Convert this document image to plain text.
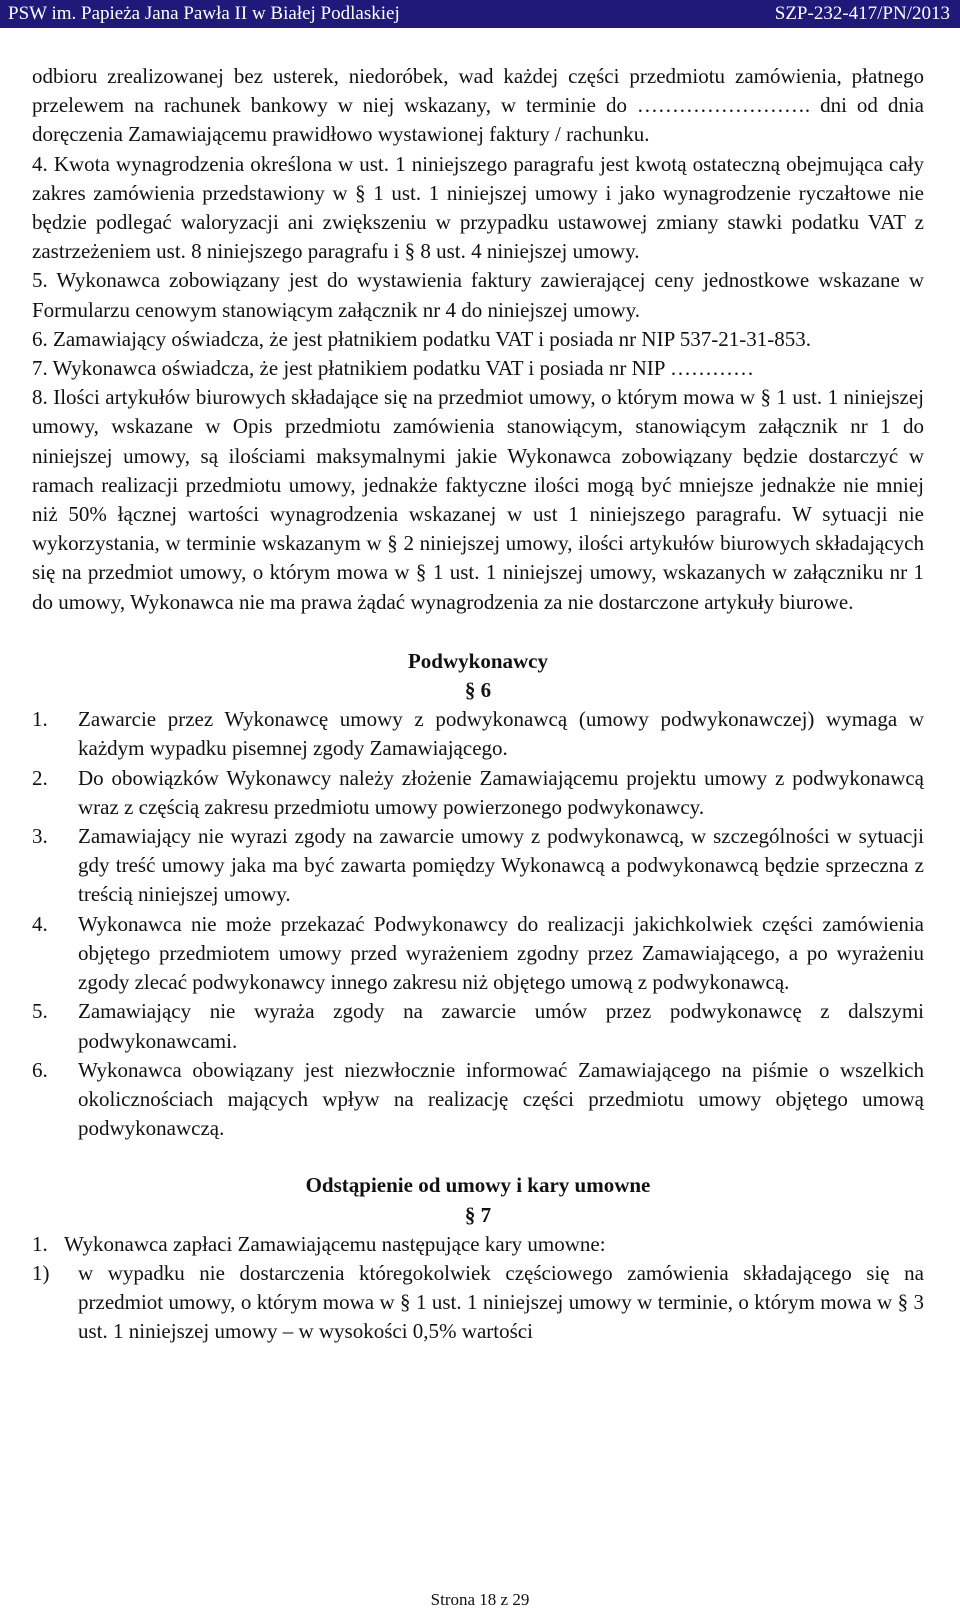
PSW im. Papieża Jana Pawła II w Białej Podlaskiej	SZP-232-417/PN/2013

odbioru zrealizowanej bez usterek, niedoróbek, wad każdej części przedmiotu zamówienia, płatnego przelewem na rachunek bankowy w niej wskazany, w terminie do ……………………. dni od dnia doręczenia Zamawiającemu prawidłowo wystawionej faktury / rachunku.

4. Kwota wynagrodzenia określona w ust. 1 niniejszego paragrafu jest kwotą ostateczną obejmująca cały zakres zamówienia przedstawiony w § 1 ust. 1 niniejszej umowy i jako wynagrodzenie ryczałtowe nie będzie podlegać waloryzacji ani zwiększeniu w przypadku ustawowej zmiany stawki podatku VAT z zastrzeżeniem ust. 8 niniejszego paragrafu i § 8 ust. 4 niniejszej umowy.

5. Wykonawca zobowiązany jest do wystawienia faktury zawierającej ceny jednostkowe wskazane w Formularzu cenowym stanowiącym załącznik nr 4 do niniejszej umowy.

6. Zamawiający oświadcza, że jest płatnikiem podatku VAT i posiada nr NIP 537-21-31-853.

7. Wykonawca oświadcza, że jest płatnikiem podatku VAT i posiada nr NIP …………

8. Ilości artykułów biurowych składające się na przedmiot umowy, o którym mowa w § 1 ust. 1 niniejszej umowy, wskazane w Opis przedmiotu zamówienia stanowiącym, stanowiącym załącznik nr 1 do niniejszej umowy, są ilościami maksymalnymi jakie Wykonawca zobowiązany będzie dostarczyć w ramach realizacji przedmiotu umowy, jednakże faktyczne ilości mogą być mniejsze jednakże nie mniej niż 50% łącznej wartości wynagrodzenia wskazanej w ust 1 niniejszego paragrafu. W sytuacji nie wykorzystania, w terminie wskazanym w § 2 niniejszej umowy, ilości artykułów biurowych składających się na przedmiot umowy, o którym mowa w § 1 ust. 1 niniejszej umowy, wskazanych w załączniku nr 1 do umowy, Wykonawca nie ma prawa żądać wynagrodzenia za nie dostarczone artykuły biurowe.

Podwykonawcy

§ 6

1. Zawarcie przez Wykonawcę umowy z podwykonawcą (umowy podwykonawczej) wymaga w każdym wypadku pisemnej zgody Zamawiającego.

2. Do obowiązków Wykonawcy należy złożenie Zamawiającemu projektu umowy z podwykonawcą wraz z częścią zakresu przedmiotu umowy powierzonego podwykonawcy.

3. Zamawiający nie wyrazi zgody na zawarcie umowy z podwykonawcą, w szczególności w sytuacji gdy treść umowy jaka ma być zawarta pomiędzy Wykonawcą a podwykonawcą będzie sprzeczna z treścią niniejszej umowy.

4. Wykonawca nie może przekazać Podwykonawcy do realizacji jakichkolwiek części zamówienia objętego przedmiotem umowy przed wyrażeniem zgodny przez Zamawiającego, a po wyrażeniu zgody zlecać podwykonawcy innego zakresu niż objętego umową z podwykonawcą.

5. Zamawiający nie wyraża zgody na zawarcie umów przez podwykonawcę z dalszymi podwykonawcami.

6. Wykonawca obowiązany jest niezwłocznie informować Zamawiającego na piśmie o wszelkich okolicznościach mających wpływ na realizację części przedmiotu umowy objętego umową podwykonawczą.

Odstąpienie od umowy i kary umowne

§ 7

1. Wykonawca zapłaci Zamawiającemu następujące kary umowne:

1) w wypadku nie dostarczenia któregokolwiek częściowego zamówienia składającego się na przedmiot umowy, o którym mowa w § 1 ust. 1 niniejszej umowy w terminie, o którym mowa w § 3 ust. 1 niniejszej umowy – w wysokości 0,5% wartości

Strona 18 z 29
